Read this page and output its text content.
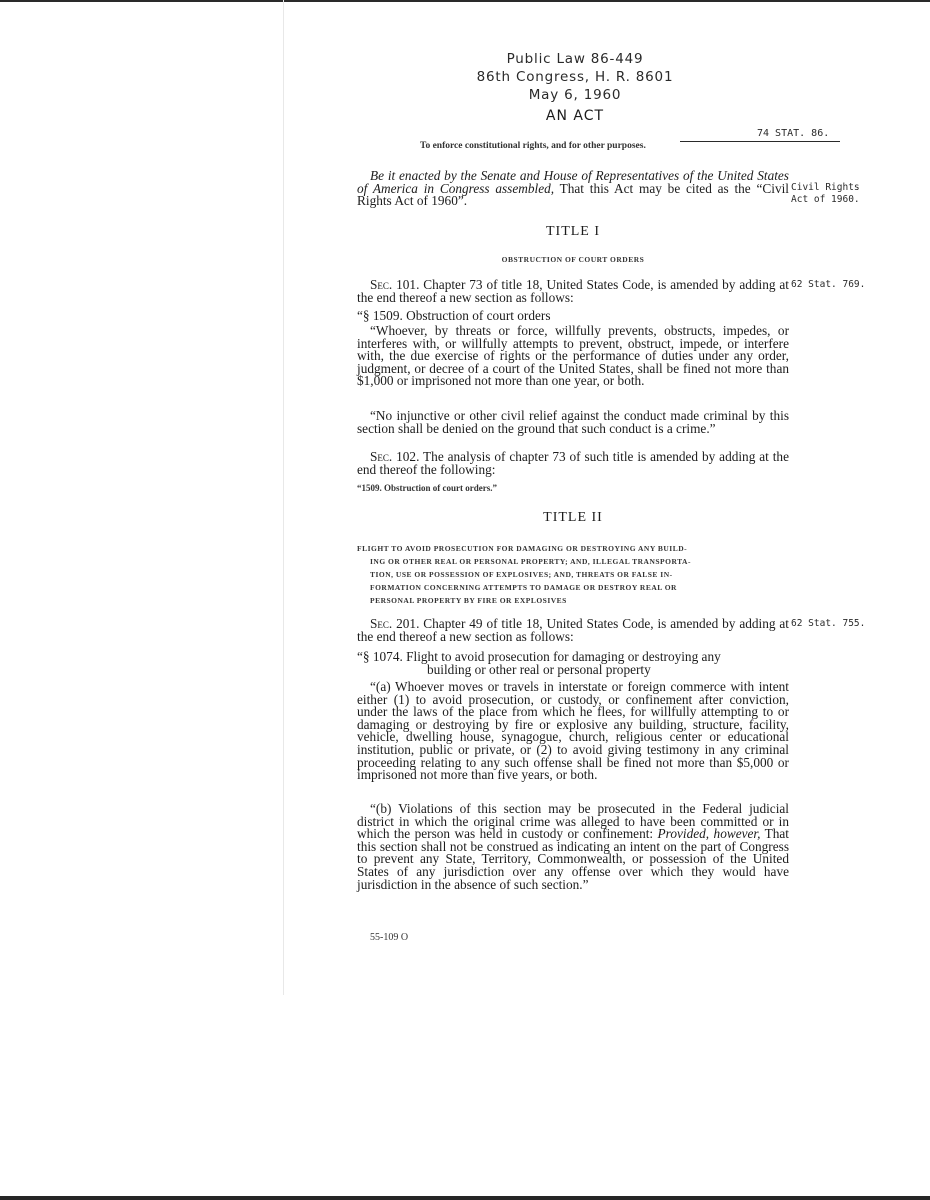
Public Law 86-449
86th Congress, H. R. 8601
May 6, 1960
AN ACT
74 STAT. 86.
To enforce constitutional rights, and for other purposes.
Be it enacted by the Senate and House of Representatives of the United States of America in Congress assembled, That this Act may be cited as the “Civil Rights Act of 1960”.
Civil Rights
Act of 1960.
TITLE I
OBSTRUCTION OF COURT ORDERS
Sec. 101. Chapter 73 of title 18, United States Code, is amended by adding at the end thereof a new section as follows:
62 Stat. 769.
“§ 1509. Obstruction of court orders
“Whoever, by threats or force, willfully prevents, obstructs, impedes, or interferes with, or willfully attempts to prevent, obstruct, impede, or interfere with, the due exercise of rights or the performance of duties under any order, judgment, or decree of a court of the United States, shall be fined not more than $1,000 or imprisoned not more than one year, or both.
“No injunctive or other civil relief against the conduct made criminal by this section shall be denied on the ground that such conduct is a crime.”
Sec. 102. The analysis of chapter 73 of such title is amended by adding at the end thereof the following:
“1509. Obstruction of court orders.”
TITLE II
FLIGHT TO AVOID PROSECUTION FOR DAMAGING OR DESTROYING ANY BUILD-
ING OR OTHER REAL OR PERSONAL PROPERTY; AND, ILLEGAL TRANSPORTA-
TION, USE OR POSSESSION OF EXPLOSIVES; AND, THREATS OR FALSE IN-
FORMATION CONCERNING ATTEMPTS TO DAMAGE OR DESTROY REAL OR
PERSONAL PROPERTY BY FIRE OR EXPLOSIVES
Sec. 201. Chapter 49 of title 18, United States Code, is amended by adding at the end thereof a new section as follows:
62 Stat. 755.
“§ 1074. Flight to avoid prosecution for damaging or destroying any
building or other real or personal property
“(a) Whoever moves or travels in interstate or foreign commerce with intent either (1) to avoid prosecution, or custody, or confinement after conviction, under the laws of the place from which he flees, for willfully attempting to or damaging or destroying by fire or explosive any building, structure, facility, vehicle, dwelling house, synagogue, church, religious center or educational institution, public or private, or (2) to avoid giving testimony in any criminal proceeding relating to any such offense shall be fined not more than $5,000 or imprisoned not more than five years, or both.
“(b) Violations of this section may be prosecuted in the Federal judicial district in which the original crime was alleged to have been committed or in which the person was held in custody or confinement: Provided, however, That this section shall not be construed as indicating an intent on the part of Congress to prevent any State, Territory, Commonwealth, or possession of the United States of any jurisdiction over any offense over which they would have jurisdiction in the absence of such section.”
55-109 O
